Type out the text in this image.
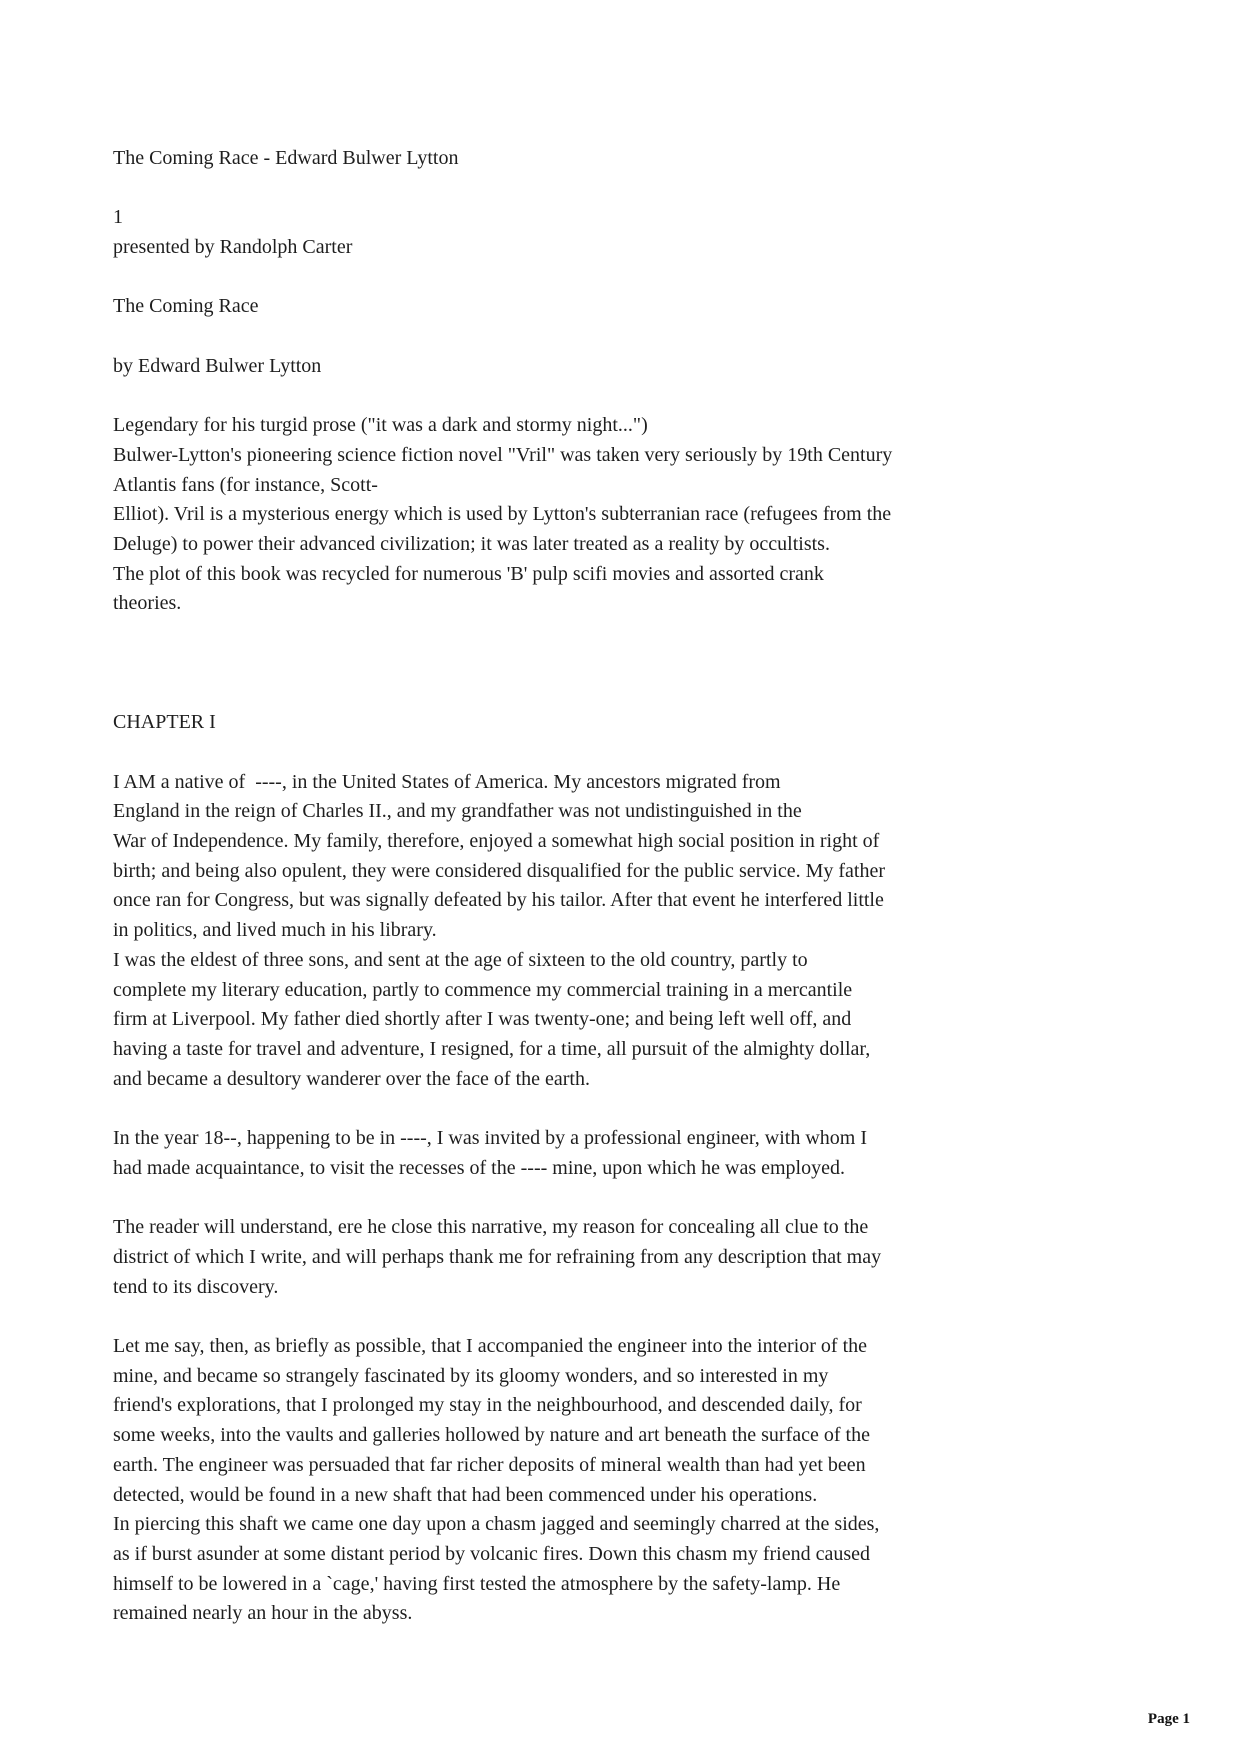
The Coming Race - Edward Bulwer Lytton
1
presented by Randolph Carter
The Coming Race
by Edward Bulwer Lytton
Legendary for his turgid prose ("it was a dark and stormy night...")
Bulwer-Lytton's pioneering science fiction novel "Vril" was taken very seriously by 19th Century
Atlantis fans (for instance, Scott-
Elliot). Vril is a mysterious energy which is used by Lytton's subterranian race (refugees from the
Deluge) to power their advanced civilization; it was later treated as a reality by occultists.
The plot of this book was recycled for numerous 'B' pulp scifi movies and assorted crank
theories.
CHAPTER I
I AM a native of  ----, in the United States of America. My ancestors migrated from
England in the reign of Charles II., and my grandfather was not undistinguished in the
War of Independence. My family, therefore, enjoyed a somewhat high social position in right of
birth; and being also opulent, they were considered disqualified for the public service. My father
once ran for Congress, but was signally defeated by his tailor. After that event he interfered little
in politics, and lived much in his library.
I was the eldest of three sons, and sent at the age of sixteen to the old country, partly to
complete my literary education, partly to commence my commercial training in a mercantile
firm at Liverpool. My father died shortly after I was twenty-one; and being left well off, and
having a taste for travel and adventure, I resigned, for a time, all pursuit of the almighty dollar,
and became a desultory wanderer over the face of the earth.
In the year 18--, happening to be in ----, I was invited by a professional engineer, with whom I
had made acquaintance, to visit the recesses of the ---- mine, upon which he was employed.
The reader will understand, ere he close this narrative, my reason for concealing all clue to the
district of which I write, and will perhaps thank me for refraining from any description that may
tend to its discovery.
Let me say, then, as briefly as possible, that I accompanied the engineer into the interior of the
mine, and became so strangely fascinated by its gloomy wonders, and so interested in my
friend's explorations, that I prolonged my stay in the neighbourhood, and descended daily, for
some weeks, into the vaults and galleries hollowed by nature and art beneath the surface of the
earth. The engineer was persuaded that far richer deposits of mineral wealth than had yet been
detected, would be found in a new shaft that had been commenced under his operations.
In piercing this shaft we came one day upon a chasm jagged and seemingly charred at the sides,
as if burst asunder at some distant period by volcanic fires. Down this chasm my friend caused
himself to be lowered in a `cage,' having first tested the atmosphere by the safety-lamp. He
remained nearly an hour in the abyss.
Page 1
